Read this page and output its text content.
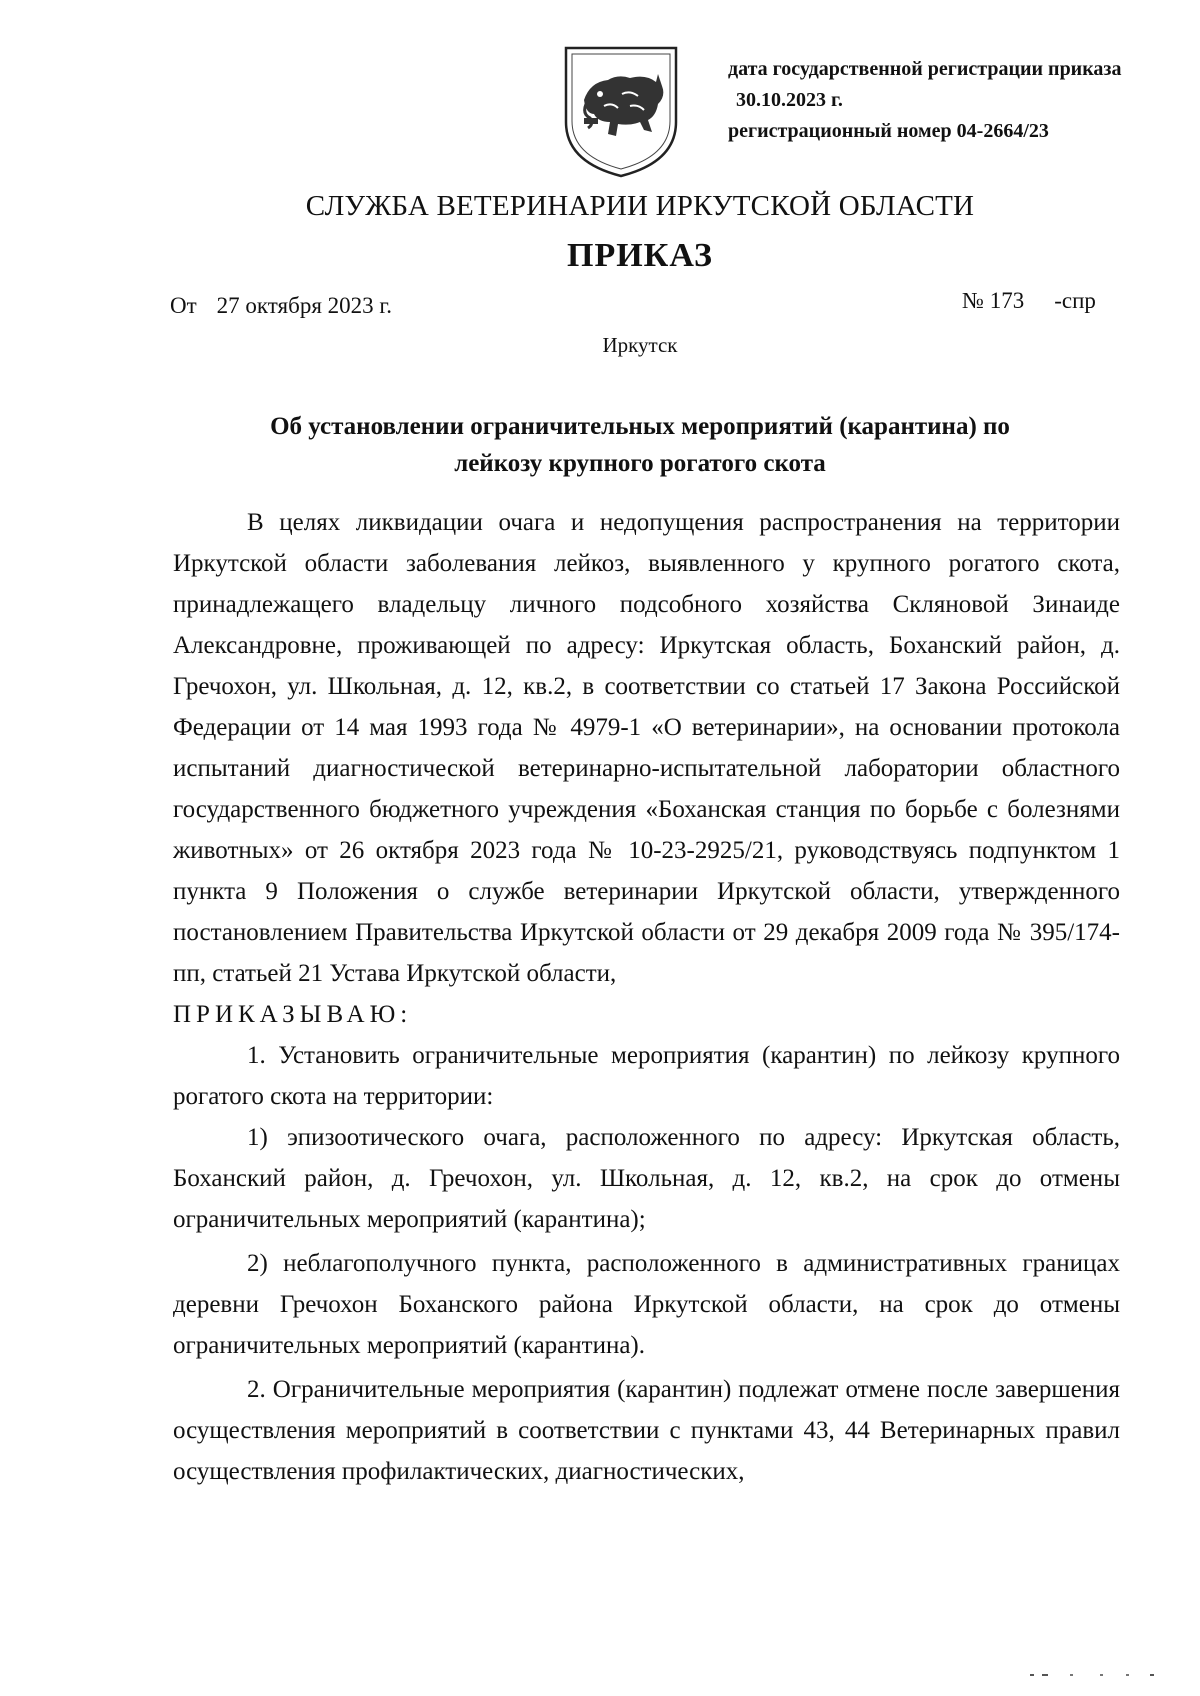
дата государственной регистрации приказа
30.10.2023 г.
регистрационный номер 04-2664/23
СЛУЖБА ВЕТЕРИНАРИИ ИРКУТСКОЙ ОБЛАСТИ
ПРИКАЗ
От 27 октября 2023 г.	№ 173 -спр
Иркутск
Об установлении ограничительных мероприятий (карантина) по
лейкозу крупного рогатого скота

В целях ликвидации очага и недопущения распространения на территории Иркутской области заболевания лейкоз, выявленного у крупного рогатого скота, принадлежащего владельцу личного подсобного хозяйства Скляновой Зинаиде Александровне, проживающей по адресу: Иркутская область, Боханский район, д. Гречохон, ул. Школьная, д. 12, кв.2, в соответствии со статьей 17 Закона Российской Федерации от 14 мая 1993 года № 4979-1 «О ветеринарии», на основании протокола испытаний диагностической ветеринарно-испытательной лаборатории областного государственного бюджетного учреждения «Боханская станция по борьбе с болезнями животных» от 26 октября 2023 года № 10-23-2925/21, руководствуясь подпунктом 1 пункта 9 Положения о службе ветеринарии Иркутской области, утвержденного постановлением Правительства Иркутской области от 29 декабря 2009 года № 395/174-пп, статьей 21 Устава Иркутской области,

ПРИКАЗЫВАЮ:

1. Установить ограничительные мероприятия (карантин) по лейкозу крупного рогатого скота на территории:

1) эпизоотического очага, расположенного по адресу: Иркутская область, Боханский район, д. Гречохон, ул. Школьная, д. 12, кв.2, на срок до отмены ограничительных мероприятий (карантина);

2) неблагополучного пункта, расположенного в административных границах деревни Гречохон Боханского района Иркутской области, на срок до отмены ограничительных мероприятий (карантина).

2. Ограничительные мероприятия (карантин) подлежат отмене после завершения осуществления мероприятий в соответствии с пунктами 43, 44 Ветеринарных правил осуществления профилактических, диагностических,
